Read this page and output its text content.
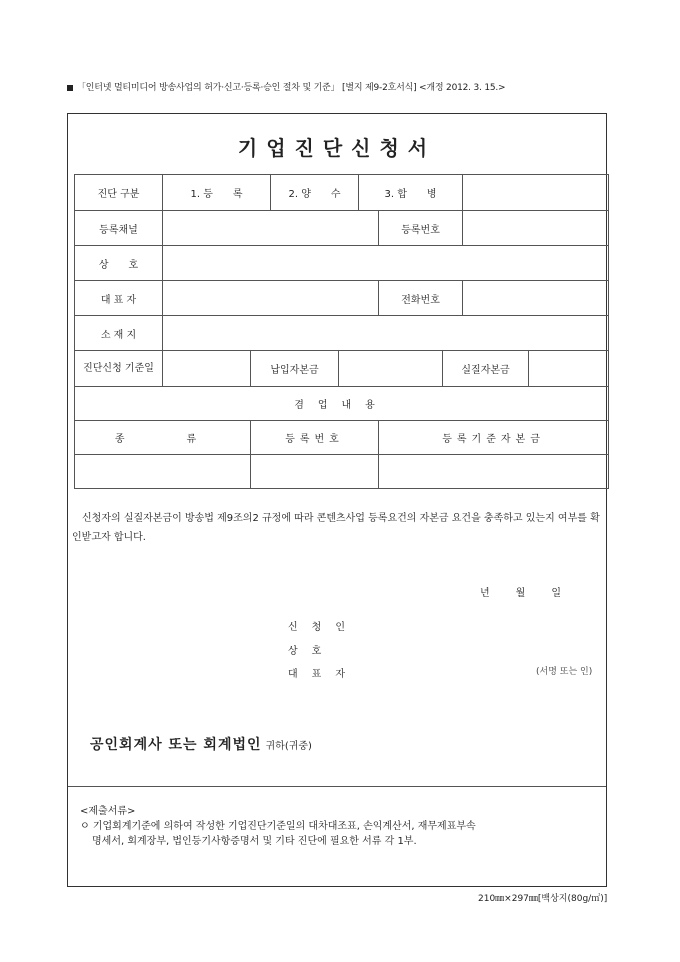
「인터넷 멀티미디어 방송사업의 허가·신고·등록·승인 절차 및 기준」 [별지 제9-2호서식] <개정 2012. 3. 15.>
기업진단신청서
진단 구분	1. 등　　록		2. 양　　수		3. 합　　병				
등록채널						등록번호			
상　　호									
대 표 자						전화번호			
소 재 지									
진단신청 기준일		납입자본금					실질자본금		
겸업내용									
종　　류		등록번호				등록기준자본금			

신청자의 실질자본금이 방송법 제9조의2 규정에 따라 콘텐츠사업 등록요건의 자본금 요건을 충족하고 있는지 여부를 확인받고자 합니다.
년	월	일
신청인
상호
대표자	(서명 또는 인)
공인회계사 또는 회계법인 귀하(귀중)
<제출서류>
ㅇ 기업회계기준에 의하여 작성한 기업진단기준일의 대차대조표, 손익계산서, 재무제표부속
명세서, 회계장부, 법인등기사항증명서 및 기타 진단에 필요한 서류 각 1부.
210㎜×297㎜[백상지(80g/㎡)]
